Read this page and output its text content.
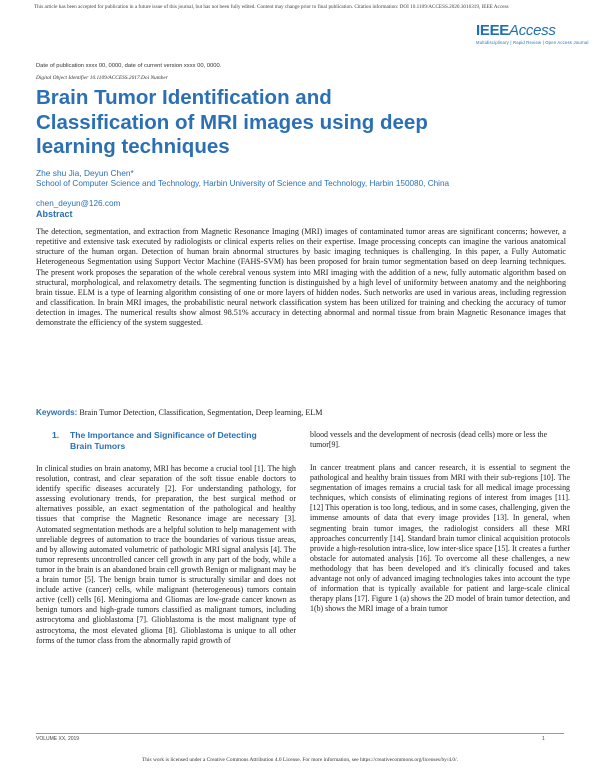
This article has been accepted for publication in a future issue of this journal, but has not been fully edited. Content may change prior to final publication. Citation information: DOI 10.1109/ACCESS.2020.3016319, IEEE Access
IEEEAccess
Multidisciplinary | Rapid Review | Open Access Journal
Date of publication xxxx 00, 0000, date of current version xxxx 00, 0000.
Digital Object Identifier 10.1109/ACCESS.2017.Doi Number
Brain Tumor Identification and Classification of MRI images using deep learning techniques
Zhe shu Jia, Deyun Chen*
School of Computer Science and Technology, Harbin University of Science and Technology, Harbin 150080, China
chen_deyun@126.com
Abstract

The detection, segmentation, and extraction from Magnetic Resonance Imaging (MRI) images of contaminated tumor areas are significant concerns; however, a repetitive and extensive task executed by radiologists or clinical experts relies on their expertise. Image processing concepts can imagine the various anatomical structure of the human organ. Detection of human brain abnormal structures by basic imaging techniques is challenging. In this paper, a Fully Automatic Heterogeneous Segmentation using Support Vector Machine (FAHS-SVM) has been proposed for brain tumor segmentation based on deep learning techniques. The present work proposes the separation of the whole cerebral venous system into MRI imaging with the addition of a new, fully automatic algorithm based on structural, morphological, and relaxometry details. The segmenting function is distinguished by a high level of uniformity between anatomy and the neighboring brain tissue. ELM is a type of learning algorithm consisting of one or more layers of hidden nodes. Such networks are used in various areas, including regression and classification. In brain MRI images, the probabilistic neural network classification system has been utilized for training and checking the accuracy of tumor detection in images. The numerical results show almost 98.51% accuracy in detecting abnormal and normal tissue from brain Magnetic Resonance images that demonstrate the efficiency of the system suggested.

Keywords: Brain Tumor Detection, Classification, Segmentation, Deep learning, ELM
1. The Importance and Significance of Detecting
Brain Tumors

In clinical studies on brain anatomy, MRI has become a crucial tool [1]. The high resolution, contrast, and clear separation of the soft tissue enable doctors to identify specific diseases accurately [2]. For understanding pathology, for assessing evolutionary trends, for preparation, the best surgical method or alternatives possible, an exact segmentation of the pathological and healthy tissues that comprise the Magnetic Resonance image are necessary [3]. Automated segmentation methods are a helpful solution to help management with unreliable degrees of automation to trace the boundaries of various tissue areas, and by allowing automated volumetric of pathologic MRI signal analysis [4]. The tumor represents uncontrolled cancer cell growth in any part of the body, while a tumor in the brain is an abandoned brain cell growth Benign or malignant may be a brain tumor [5]. The benign brain tumor is structurally similar and does not include active (cancer) cells, while malignant (heterogeneous) tumors contain active (cell) cells [6]. Meningioma and Gliomas are low-grade cancer known as benign tumors and high-grade tumors classified as malignant tumors, including astrocytoma and glioblastoma [7]. Glioblastoma is the most malignant type of astrocytoma, the most elevated glioma [8]. Glioblastoma is unique to all other forms of the tumor class from the abnormally rapid growth of

blood vessels and the development of necrosis (dead cells) more or less the tumor[9].

In cancer treatment plans and cancer research, it is essential to segment the pathological and healthy brain tissues from MRI with their sub-regions [10]. The segmentation of images remains a crucial task for all medical image processing techniques, which consists of eliminating regions of interest from images [11]. [12] This operation is too long, tedious, and in some cases, challenging, given the immense amounts of data that every image provides [13]. In general, when segmenting brain tumor images, the radiologist considers all these MRI approaches concurrently [14]. Standard brain tumor clinical acquisition protocols provide a high-resolution intra-slice, low inter-slice space [15]. It creates a further obstacle for automated analysis [16]. To overcome all these challenges, a new methodology that has been developed and it's clinically focused and takes advantage not only of advanced imaging technologies takes into account the type of information that is typically available for patient and large-scale clinical therapy plans [17]. Figure 1 (a) shows the 2D model of brain tumor detection, and 1(b) shows the MRI image of a brain tumor

VOLUME XX, 2019	1
This work is licensed under a Creative Commons Attribution 4.0 License. For more information, see https://creativecommons.org/licenses/by/4.0/.
